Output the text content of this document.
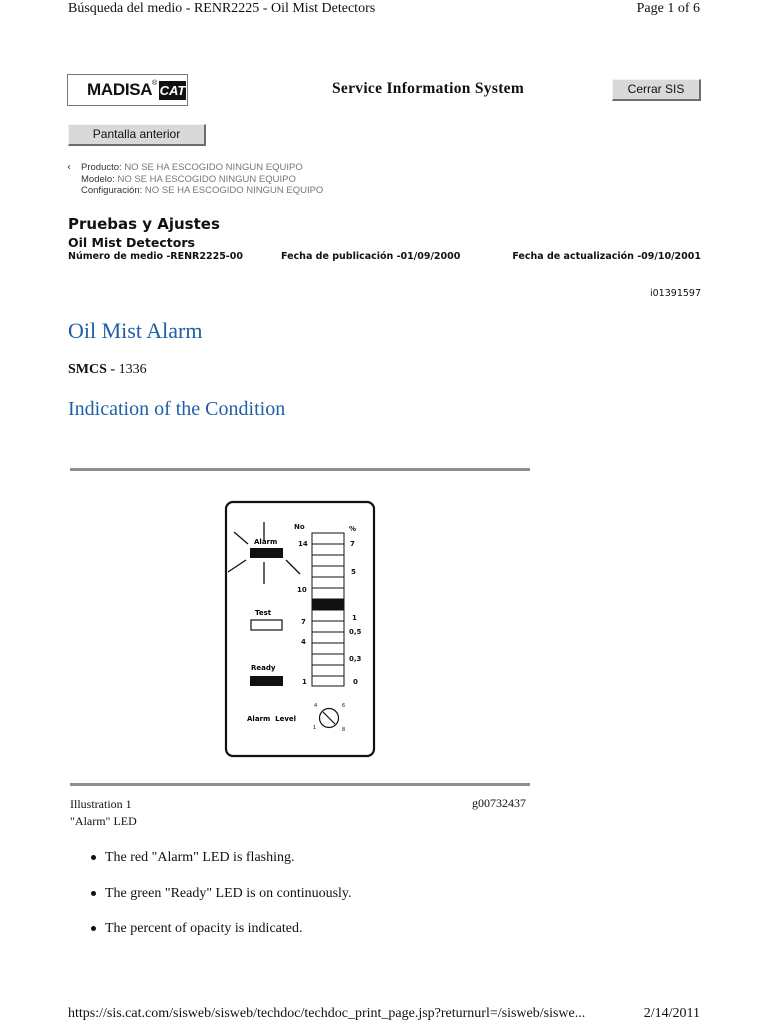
Búsqueda del medio - RENR2225 - Oil Mist Detectors	Page 1 of 6
MADISA ® CAT	Service Information System	Cerrar SIS
Pantalla anterior
‹	Producto: NO SE HA ESCOGIDO NINGUN EQUIPO
Modelo: NO SE HA ESCOGIDO NINGUN EQUIPO
Configuración: NO SE HA ESCOGIDO NINGUN EQUIPO
Pruebas y Ajustes
Oil Mist Detectors
Número de medio -RENR2225-00	Fecha de publicación -01/09/2000	Fecha de actualización -09/10/2001
i01391597
Oil Mist Alarm
SMCS - 1336
Indication of the Condition
Alarm
Test
Ready
No
14
10
7
4
1
%
7
5
1
0,5
0,3
0
Alarm  Level
4	6
1	8
Illustration 1
"Alarm" LED
g00732437
The red "Alarm" LED is flashing.
The green "Ready" LED is on continuously.
The percent of opacity is indicated.
https://sis.cat.com/sisweb/sisweb/techdoc/techdoc_print_page.jsp?returnurl=/sisweb/siswe...	2/14/2011
